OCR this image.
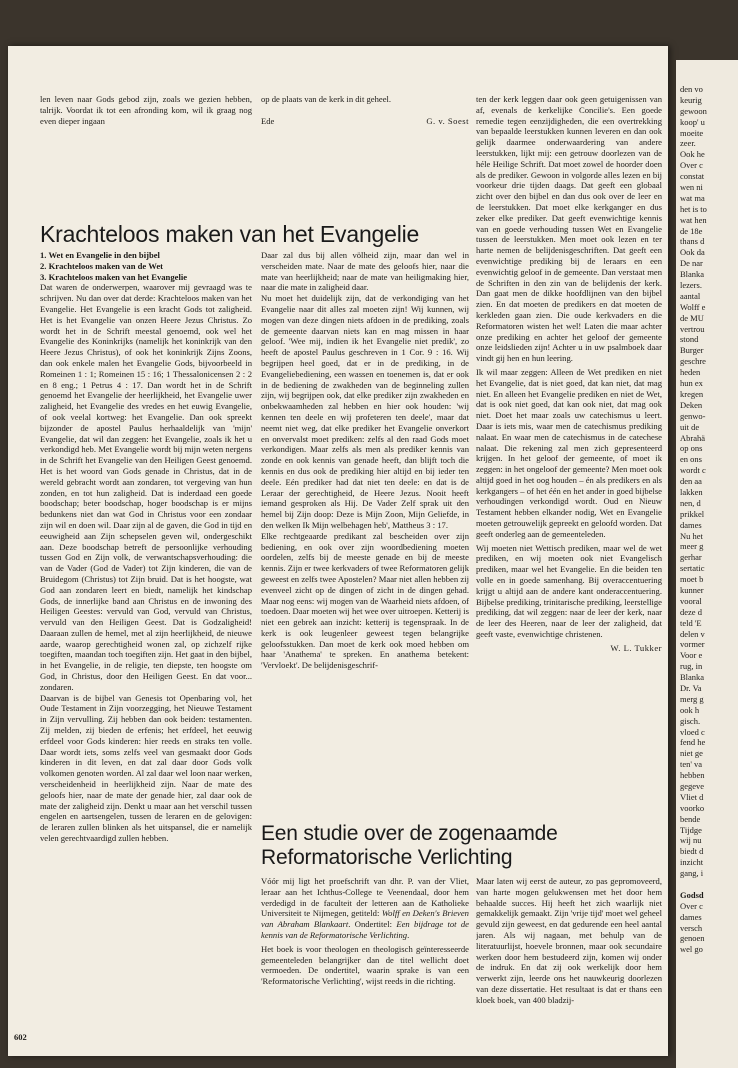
len leven naar Gods gebod zijn, zoals we gezien hebben, talrijk. Voordat ik tot een afronding kom, wil ik graag nog even dieper ingaan

op de plaats van de kerk in dit geheel.

Ede	G. v. Soest
​
Krachteloos maken van het Evangelie
1. Wet en Evangelie in den bijbel
2. Krachteloos maken van de Wet
3. Krachteloos maken van het Evangelie

Dat waren de onderwerpen, waarover mij gevraagd was te schrijven. Nu dan over dat derde: Krachteloos maken van het Evangelie. Het Evangelie is een kracht Gods tot zaligheid. Het is het Evangelie van onzen Heere Jezus Christus. Zo wordt het in de Schrift meestal genoemd, ook wel het Evangelie des Koninkrijks (namelijk het koninkrijk van den Heere Jezus Christus), of ook het koninkrijk Zijns Zoons, dan ook enkele malen het Evangelie Gods, bijvoorbeeld in Romeinen 1 : 1; Romeinen 15 : 16; 1 Thessalonicensen 2 : 2 en 8 eng.; 1 Petrus 4 : 17. Dan wordt het in de Schrift genoemd het Evangelie der heerlijkheid, het Evangelie uwer zaligheid, het Evangelie des vredes en het euwig Evangelie, of ook veelal kortweg: het Evangelie. Dan ook spreekt bijzonder de apostel Paulus herhaaldelijk van 'mijn' Evangelie, dat wil dan zeggen: het Evangelie, zoals ik het u verkondigd heb. Met Evangelie wordt bij mijn weten nergens in de Schrift het Evangelie van den Heiligen Geest genoemd. Het is het woord van Gods genade in Christus, dat in de wereld gebracht wordt aan zondaren, tot vergeving van hun zonden, en tot hun zaligheid. Dat is inderdaad een goede boodschap; beter boodschap, hoger boodschap is er mijns bedunkens niet dan wat God in Christus voor een zondaar zijn wil en doen wil. Daar zijn al de gaven, die God in tijd en eeuwigheid aan Zijn schepselen geven wil, ondergeschikt aan. Deze boodschap betreft de persoonlijke verhouding tussen God en Zijn volk, de verwantschapsverhouding: die van de Vader (God de Vader) tot Zijn kinderen, die van de Bruidegom (Christus) tot Zijn bruid. Dat is het hoogste, wat God aan zondaren leert en biedt, namelijk het kindschap Gods, de innerlijke band aan Christus en de inwoning des Heiligen Geestes: vervuld van God, vervuld van Christus, vervuld van den Heiligen Geest. Dat is Godzaligheid! Daaraan zullen de hemel, met al zijn heerlijkheid, de nieuwe aarde, waarop gerechtigheid wonen zal, op zichzelf rijke toegiften, maandan toch toegiften zijn. Het gaat in den bijbel, in het Evangelie, in de religie, ten diepste, ten hoogste om God, in Christus, door den Heiligen Geest. En dat voor... zondaren.

Daarvan is de bijbel van Genesis tot Openbaring vol, het Oude Testament in Zijn voorzegging, het Nieuwe Testament in Zijn vervulling. Zij hebben dan ook beiden: testamenten. Zij melden, zij bieden de erfenis; het erfdeel, het eeuwig erfdeel voor Gods kinderen: hier reeds en straks ten volle. Daar wordt iets, soms zelfs veel van gesmaakt door Gods kinderen in dit leven, en dat zal daar door Gods volk volkomen genoten worden. Al zal daar wel loon naar werken, verscheidenheid in heerlijkheid zijn. Naar de mate des geloofs hier, naar de mate der genade hier, zal daar ook de mate der zaligheid zijn. Denkt u maar aan het verschil tussen engelen en aartsengelen, tussen de leraren en de gelovigen: de leraren zullen blinken als het uitspansel, die er namelijk velen gerechtvaardigd zullen hebben.

Daar zal dus bij allen völheid zijn, maar dan wel in verscheiden mate. Naar de mate des geloofs hier, naar die mate van heerlijkheid; naar de mate van heiligmaking hier, naar die mate in zaligheid daar.

Nu moet het duidelijk zijn, dat de verkondiging van het Evangelie naar dit alles zal moeten zijn! Wij kunnen, wij mogen van deze dingen niets afdoen in de prediking, zoals de gemeente daarvan niets kan en mag missen in haar geloof. 'Wee mij, indien ik het Evangelie niet predik', zo heeft de apostel Paulus geschreven in 1 Cor. 9 : 16. Wij begrijpen heel goed, dat er in de prediking, in de Evangeliebediening, een wassen en toenemen is, dat er ook in de bediening de zwakheden van de beginneling zullen zijn, wij begrijpen ook, dat elke prediker zijn zwakheden en onbekwaamheden zal hebben en hier ook houden: 'wij kennen ten deele en wij profeteren ten deele', maar dat neemt niet weg, dat elke prediker het Evangelie onverkort en onvervalst moet prediken: zelfs al den raad Gods moet verkondigen. Maar zelfs als men als prediker kennis van zonde en ook kennis van genade heeft, dan blijft toch die kennis en dus ook de prediking hier altijd en bij ieder ten deele. Eén prediker had dat niet ten deele: en dat is de Leraar der gerechtigheid, de Heere Jezus. Nooit heeft iemand gesproken als Hij. De Vader Zelf sprak uit den hemel bij Zijn doop: Deze is Mijn Zoon, Mijn Geliefde, in den welken Ik Mijn welbehagen heb', Mattheus 3 : 17.

Elke rechtgeaarde predikant zal bescheiden over zijn bediening, en ook over zijn woordbediening moeten oordelen, zelfs bij de meeste genade en bij de meeste kennis. Zijn er twee kerkvaders of twee Reformatoren gelijk geweest en zelfs twee Apostelen? Maar niet allen hebben zij evenveel zicht op de dingen of zicht in de dingen gehad. Maar nog eens: wij mogen van de Waarheid niets afdoen, of toedoen. Daar moeten wij het wee over uitroepen. Ketterij is niet een gebrek aan inzicht: ketterij is tegenspraak. In de kerk is ook leugenleer geweest tegen belangrijke geloofsstukken. Dan moet de kerk ook moed hebben om haar 'Anathema' te spreken. En anathema betekent: 'Vervloekt'. De belijdenisgeschrif-

ten der kerk leggen daar ook geen getuigenissen van af, evenals de kerkelijke Concilie's. Een goede remedie tegen eenzijdigheden, die een overtrekking van bepaalde leerstukken kunnen leveren en dan ook gelijk daarmee onderwaardering van andere leerstukken, lijkt mij: een getrouw doorlezen van de héle Heilige Schrift. Dat moet zowel de hoorder doen als de prediker. Gewoon in volgorde alles lezen en bij voorkeur drie tijden daags. Dat geeft een globaal zicht over den bijbel en dan dus ook over de leer en de leerstukken. Dat moet elke kerkganger en dus zeker elke prediker. Dat geeft evenwichtige kennis van en goede verhouding tussen Wet en Evangelie tussen de leerstukken. Men moet ook lezen en ter harte nemen de belijdenisgeschriften. Dat geeft een evenwichtige prediking bij de leraars en een evenwichtig geloof in de gemeente. Dan verstaat men de Schriften in den zin van de belijdenis der kerk. Dan gaat men de dikke hoofdlijnen van den bijbel zien. En dat moeten de predikers en dat moeten de kerkleden gaan zien. Die oude kerkvaders en die Reformatoren wisten het wel! Laten die maar achter onze prediking en achter het geloof der gemeente onze leidslieden zijn! Achter u in uw psalmboek daar vindt gij hen en hun leering.

Ik wil maar zeggen: Alleen de Wet prediken en niet het Evangelie, dat is niet goed, dat kan niet, dat mag niet. En alleen het Evangelie prediken en niet de Wet, dat is ook niet goed, dat kan ook niet, dat mag ook niet. Doet het maar zoals uw catechismus u leert. Daar is iets mis, waar men de catechismus prediking nalaat. En waar men de catechismus in de catechese nalaat. Die rekening zal men zich gepresenteerd krijgen. In het geloof der gemeente, of moet ik zeggen: in het ongeloof der gemeente? Men moet ook altijd goed in het oog houden – én als predikers en als kerkgangers – of het één en het ander in goed bijbelse verhoudingen verkondigd wordt. Oud en Nieuw Testament hebben elkander nodig, Wet en Evangelie moeten getrouwelijk gepreekt en geloofd worden. Dat geeft onderleg aan de gemeenteleden.

Wij moeten niet Wettisch prediken, maar wel de wet prediken, en wij moeten ook niet Evangelisch prediken, maar wel het Evangelie. En die beiden ten volle en in goede samenhang. Bij overaccentuering krijgt u altijd aan de andere kant onderaccentuering. Bijbelse prediking, trinitarische prediking, leerstellige prediking, dat wil zeggen: naar de leer der kerk, naar de leer des Heeren, naar de leer der zaligheid, dat geeft vaste, evenwichtige christenen.

W. L. Tukker
Een studie over de zogenaamde
Reformatorische Verlichting

Vóór mij ligt het proefschrift van dhr. P. van der Vliet, leraar aan het Ichthus-College te Veenendaal, door hem verdedigd in de faculteit der letteren aan de Katholieke Universiteit te Nijmegen, getiteld: Wolff en Deken's Brieven van Abraham Blankaart. Ondertitel: Een bijdrage tot de kennis van de Reformatorische Verlichting.

Het boek is voor theologen en theologisch geïnteresseerde gemeenteleden belangrijker dan de titel wellicht doet vermoeden. De ondertitel, waarin sprake is van een 'Reformatorische Verlichting', wijst reeds in die richting.

Maar laten wij eerst de auteur, zo pas gepromoveerd, van harte mogen gelukwensen met het door hem behaalde succes. Hij heeft het zich waarlijk niet gemakkelijk gemaakt. Zijn 'vrije tijd' moet wel geheel gevuld zijn geweest, en dat gedurende een heel aantal jaren. Als wij nagaan, met behulp van de literatuurlijst, hoevele bronnen, maar ook secundaire werken door hem bestudeerd zijn, komen wij onder de indruk. En dat zij ook werkelijk door hem verwerkt zijn, leerde ons het nauwkeurig doorlezen van deze dissertatie. Het resultaat is dat er thans een kloek boek, van 400 bladzij-

602
den vo
keurig
gewoon
koop' u
moeite
zeer.
Ook he
Over c
constat
wen ni
wat ma
het is to
wat hen
de 18e
thans d
Ook da
De nar
Blanka
lezers.
aantal
Wolff e
de MU
vertrou
stond
Burger
geschre
heden
hun ex
kregen
Deken
genwo-
uit de
Abrahä
op ons
en ons
wordt c
den aa
lakken
nen, d
prikkel
dames
Nu het
meer g
gerhar
sertatic
moet b
kunner
vooral
deze d
teld 'E
delen v
vormer
Voor e
rug, in
Blanka
Dr. Va
merg g
ook h
gisch.
vloed c
fend he
niet ge
ten' va
hebben
gegeve
Vliet d
voorko
bende
Tijdge
wij nu
biedt d
inzicht
gang, i
Godsd
Over c
dames
versch
genoen
wel go
